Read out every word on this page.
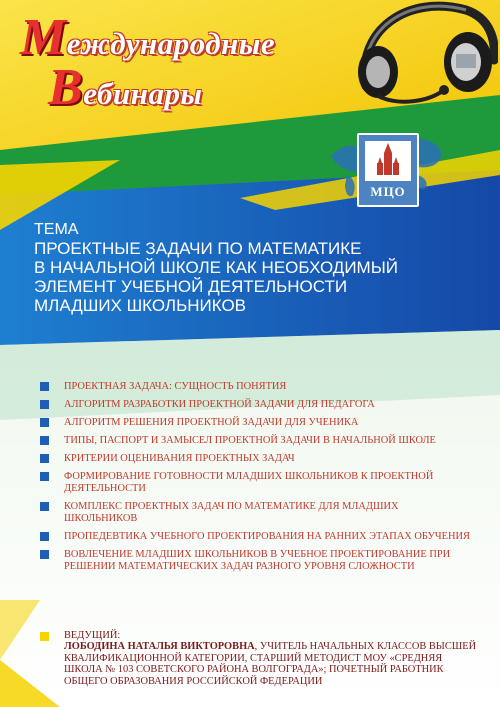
Международные
Вебинары
МЦО
ТЕМА
ПРОЕКТНЫЕ ЗАДАЧИ ПО МАТЕМАТИКЕ
В НАЧАЛЬНОЙ ШКОЛЕ КАК НЕОБХОДИМЫЙ
ЭЛЕМЕНТ УЧЕБНОЙ ДЕЯТЕЛЬНОСТИ
МЛАДШИХ ШКОЛЬНИКОВ
ПРОЕКТНАЯ ЗАДАЧА: СУЩНОСТЬ ПОНЯТИЯ
АЛГОРИТМ РАЗРАБОТКИ ПРОЕКТНОЙ ЗАДАЧИ ДЛЯ ПЕДАГОГА
АЛГОРИТМ РЕШЕНИЯ ПРОЕКТНОЙ ЗАДАЧИ ДЛЯ УЧЕНИКА
ТИПЫ, ПАСПОРТ И ЗАМЫСЕЛ ПРОЕКТНОЙ ЗАДАЧИ В НАЧАЛЬНОЙ ШКОЛЕ
КРИТЕРИИ ОЦЕНИВАНИЯ ПРОЕКТНЫХ ЗАДАЧ
ФОРМИРОВАНИЕ ГОТОВНОСТИ МЛАДШИХ ШКОЛЬНИКОВ К ПРОЕКТНОЙ ДЕЯТЕЛЬНОСТИ
КОМПЛЕКС ПРОЕКТНЫХ ЗАДАЧ ПО МАТЕМАТИКЕ ДЛЯ МЛАДШИХ ШКОЛЬНИКОВ
ПРОПЕДЕВТИКА УЧЕБНОГО ПРОЕКТИРОВАНИЯ НА РАННИХ ЭТАПАХ ОБУЧЕНИЯ
ВОВЛЕЧЕНИЕ МЛАДШИХ ШКОЛЬНИКОВ В УЧЕБНОЕ ПРОЕКТИРОВАНИЕ ПРИ РЕШЕНИИ МАТЕМАТИЧЕСКИХ ЗАДАЧ РАЗНОГО УРОВНЯ СЛОЖНОСТИ
ВЕДУЩИЙ:
ЛОБОДИНА НАТАЛЬЯ ВИКТОРОВНА, УЧИТЕЛЬ НАЧАЛЬНЫХ КЛАССОВ ВЫСШЕЙ КВАЛИФИКАЦИОННОЙ КАТЕГОРИИ, СТАРШИЙ МЕТОДИСТ МОУ «СРЕДНЯЯ ШКОЛА № 103 СОВЕТСКОГО РАЙОНА ВОЛГОГРАДА»; ПОЧЕТНЫЙ РАБОТНИК ОБЩЕГО ОБРАЗОВАНИЯ РОССИЙСКОЙ ФЕДЕРАЦИИ
